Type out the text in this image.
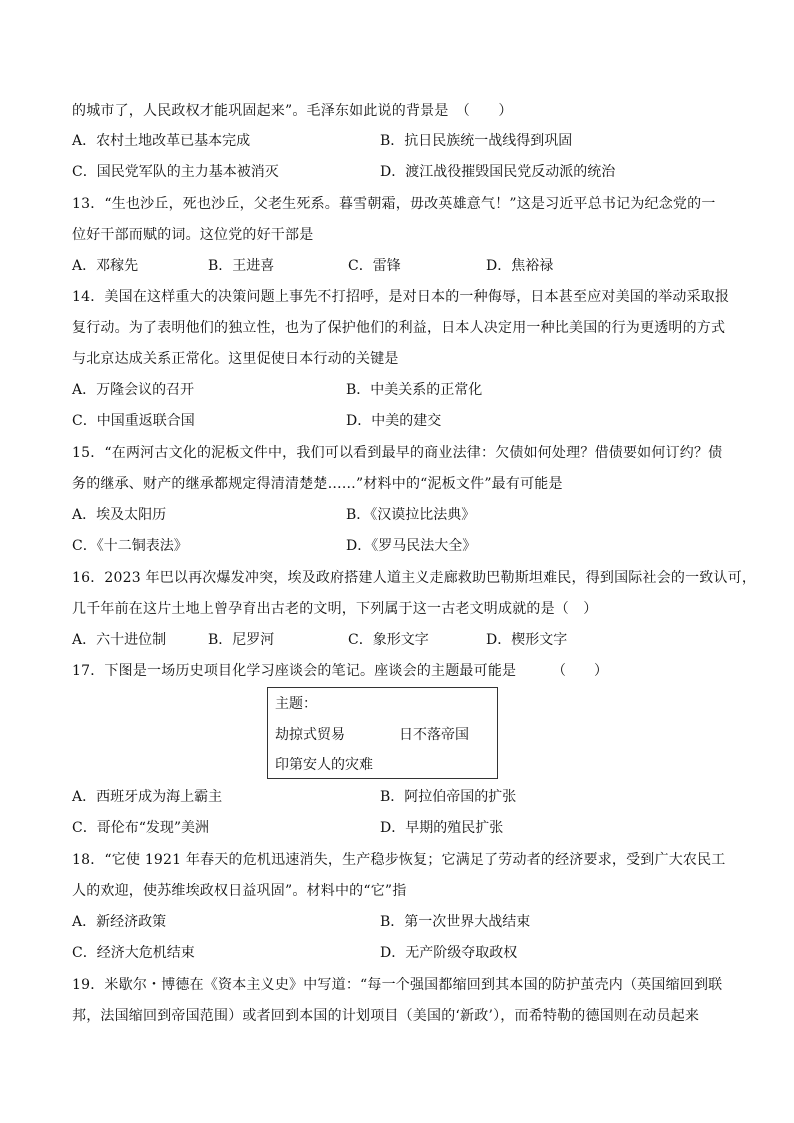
的城市了，人民政权才能巩固起来”。毛泽东如此说的背景是　（　　）
A．农村土地改革已基本完成	B．抗日民族统一战线得到巩固
C．国民党军队的主力基本被消灭	D．渡江战役摧毁国民党反动派的统治
13．“生也沙丘，死也沙丘，父老生死系。暮雪朝霜，毋改英雄意气！”这是习近平总书记为纪念党的一
位好干部而赋的词。这位党的好干部是
A．邓稼先	B．王进喜	C．雷锋	D．焦裕禄
14．美国在这样重大的决策问题上事先不打招呼，是对日本的一种侮辱，日本甚至应对美国的举动采取报
复行动。为了表明他们的独立性，也为了保护他们的利益，日本人决定用一种比美国的行为更透明的方式
与北京达成关系正常化。这里促使日本行动的关键是
A．万隆会议的召开	B．中美关系的正常化
C．中国重返联合国	D．中美的建交
15．“在两河古文化的泥板文件中，我们可以看到最早的商业法律：欠债如何处理？借债要如何订约？债
务的继承、财产的继承都规定得清清楚楚……”材料中的“泥板文件”最有可能是
A．埃及太阳历	B．《汉谟拉比法典》
C．《十二铜表法》	D．《罗马民法大全》
16．2023 年巴以再次爆发冲突，埃及政府搭建人道主义走廊救助巴勒斯坦难民，得到国际社会的一致认可，
几千年前在这片土地上曾孕育出古老的文明，下列属于这一古老文明成就的是（　）
A．六十进位制	B．尼罗河	C．象形文字	D．楔形文字
17．下图是一场历史项目化学习座谈会的笔记。座谈会的主题最可能是	（　　）
主题：
劫掠式贸易	日不落帝国
印第安人的灾难
A．西班牙成为海上霸主	B．阿拉伯帝国的扩张
C．哥伦布“发现”美洲	D．早期的殖民扩张
18．“它使 1921 年春天的危机迅速消失，生产稳步恢复；它满足了劳动者的经济要求，受到广大农民工
人的欢迎，使苏维埃政权日益巩固”。材料中的“它”指
A．新经济政策	B．第一次世界大战结束
C．经济大危机结束	D．无产阶级夺取政权
19．米歇尔・博德在《资本主义史》中写道：“每一个强国都缩回到其本国的防护茧壳内（英国缩回到联
邦，法国缩回到帝国范围）或者回到本国的计划项目（美国的‘新政’），而希特勒的德国则在动员起来
